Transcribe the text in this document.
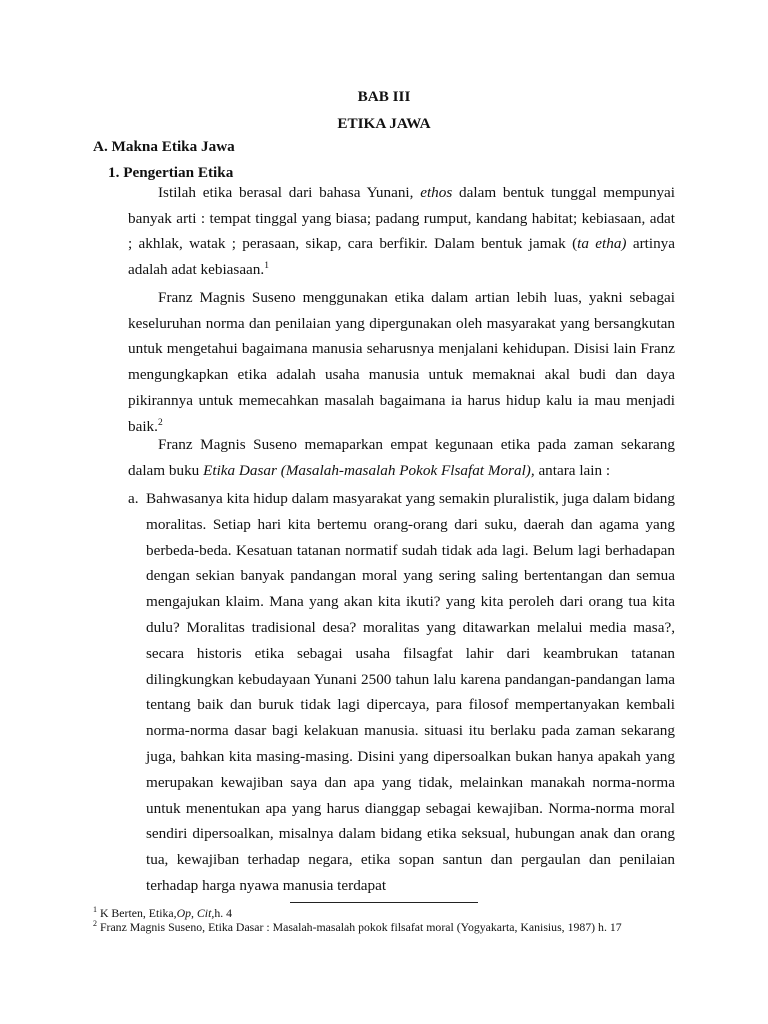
BAB III
ETIKA JAWA
A. Makna Etika Jawa
1. Pengertian Etika

Istilah etika berasal dari bahasa Yunani, ethos dalam bentuk tunggal mempunyai banyak arti : tempat tinggal yang biasa; padang rumput, kandang habitat; kebiasaan, adat ; akhlak, watak ; perasaan, sikap, cara berfikir. Dalam bentuk jamak (ta etha) artinya adalah adat kebiasaan.$^1$

Franz Magnis Suseno menggunakan etika dalam artian lebih luas, yakni sebagai keseluruhan norma dan penilaian yang dipergunakan oleh masyarakat yang bersangkutan untuk mengetahui bagaimana manusia seharusnya menjalani kehidupan. Disisi lain Franz mengungkapkan etika adalah usaha manusia untuk memaknai akal budi dan daya pikirannya untuk memecahkan masalah bagaimana ia harus hidup kalu ia mau menjadi baik.$^2$

Franz Magnis Suseno memaparkan empat kegunaan etika pada zaman sekarang dalam buku Etika Dasar (Masalah-masalah Pokok Flsafat Moral), antara lain :

a. Bahwasanya kita hidup dalam masyarakat yang semakin pluralistik, juga dalam bidang moralitas. Setiap hari kita bertemu orang-orang dari suku, daerah dan agama yang berbeda-beda. Kesatuan tatanan normatif sudah tidak ada lagi. Belum lagi berhadapan dengan sekian banyak pandangan moral yang sering saling bertentangan dan semua mengajukan klaim. Mana yang akan kita ikuti? yang kita peroleh dari orang tua kita dulu? Moralitas tradisional desa? moralitas yang ditawarkan melalui media masa?, secara historis etika sebagai usaha filsagfat lahir dari keambrukan tatanan dilingkungkan kebudayaan Yunani 2500 tahun lalu karena pandangan-pandangan lama tentang baik dan buruk tidak lagi dipercaya, para filosof mempertanyakan kembali norma-norma dasar bagi kelakuan manusia. situasi itu berlaku pada zaman sekarang juga, bahkan kita masing-masing. Disini yang dipersoalkan bukan hanya apakah yang merupakan kewajiban saya dan apa yang tidak, melainkan manakah norma-norma untuk menentukan apa yang harus dianggap sebagai kewajiban. Norma-norma moral sendiri dipersoalkan, misalnya dalam bidang etika seksual, hubungan anak dan orang tua, kewajiban terhadap negara, etika sopan santun dan pergaulan dan penilaian terhadap harga nyawa manusia terdapat
$^1$ K Berten, Etika,Op, Cit,h. 4
$^2$ Franz Magnis Suseno, Etika Dasar : Masalah-masalah pokok filsafat moral (Yogyakarta, Kanisius, 1987) h. 17
